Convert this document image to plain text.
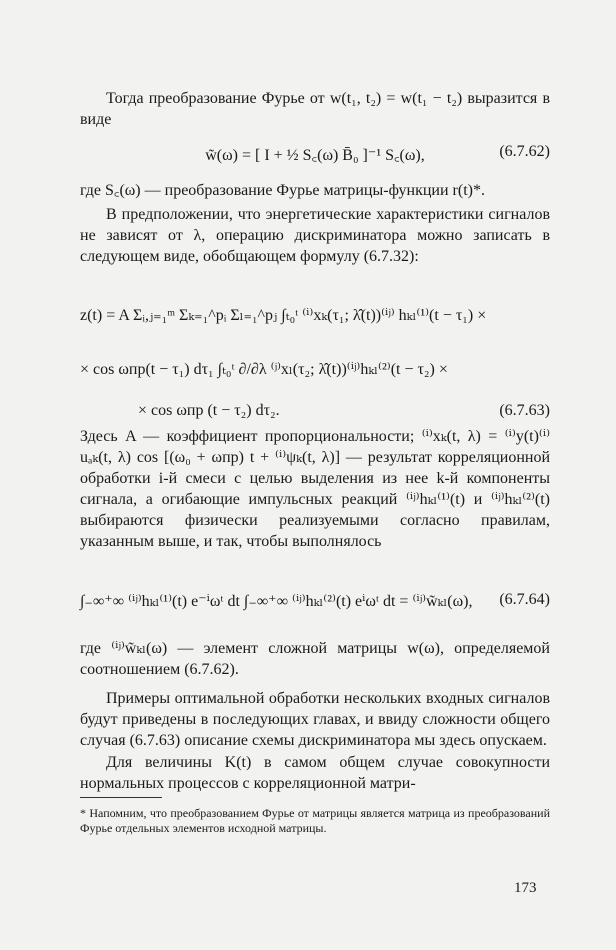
Тогда преобразование Фурье от w(t₁, t₂) = w(t₁ − t₂) выразится в виде

w̃(ω) = [ I + ½ S꜀(ω) B̄₀ ]⁻¹ S꜀(ω),	(6.7.62)

где S꜀(ω) — преобразование Фурье матрицы-функции r(t)*.

В предположении, что энергетические характеристики сигналов не зависят от λ, операцию дискриминатора можно записать в следующем виде, обобщающем формулу (6.7.32):

z(t) = A Σᵢ,ⱼ₌₁ᵐ Σₖ₌₁^pᵢ Σₗ₌₁^pⱼ ∫ₜ₀ᵗ ⁽ⁱ⁾xₖ(τ₁; λ̂(t))⁽ⁱʲ⁾ hₖₗ⁽¹⁾(t − τ₁) ×
× cos ωпр(t − τ₁) dτ₁ ∫ₜ₀ᵗ ∂/∂λ ⁽ʲ⁾xₗ(τ₂; λ̂(t))⁽ⁱʲ⁾hₖₗ⁽²⁾(t − τ₂) ×
× cos ωпр (t − τ₂) dτ₂.	(6.7.63)

Здесь A — коэффициент пропорциональности; ⁽ⁱ⁾xₖ(t, λ) = ⁽ⁱ⁾y(t)⁽ⁱ⁾uₐₖ(t, λ) cos [(ω₀ + ωпр) t + ⁽ⁱ⁾ψₖ(t, λ)] — результат корреляционной обработки i-й смеси с целью выделения из нее k-й компоненты сигнала, а огибающие импульсных реакций ⁽ⁱʲ⁾hₖₗ⁽¹⁾(t) и ⁽ⁱʲ⁾hₖₗ⁽²⁾(t) выбираются физически реализуемыми согласно правилам, указанным выше, и так, чтобы выполнялось

∫₋∞⁺∞ ⁽ⁱʲ⁾hₖₗ⁽¹⁾(t) e⁻ⁱωᵗ dt ∫₋∞⁺∞ ⁽ⁱʲ⁾hₖₗ⁽²⁾(t) eⁱωᵗ dt = ⁽ⁱʲ⁾w̃ₖₗ(ω), (6.7.64)

где ⁽ⁱʲ⁾w̃ₖₗ(ω) — элемент сложной матрицы w(ω), определяемой соотношением (6.7.62).

Примеры оптимальной обработки нескольких входных сигналов будут приведены в последующих главах, и ввиду сложности общего случая (6.7.63) описание схемы дискриминатора мы здесь опускаем.

Для величины K(t) в самом общем случае совокупности нормальных процессов с корреляционной матри-

* Напомним, что преобразованием Фурье от матрицы является матрица из преобразований Фурье отдельных элементов исходной матрицы.
173
